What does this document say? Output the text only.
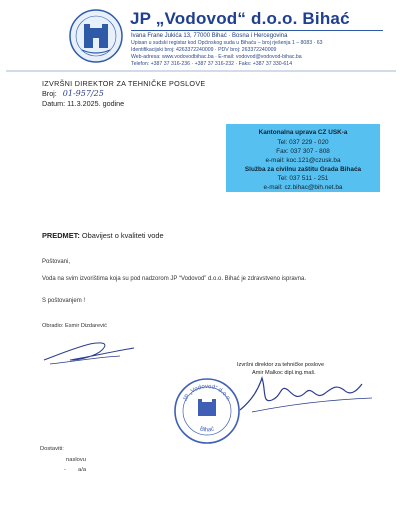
JP „Vodovod“ d.o.o. Bihać
Ivana Frane Jukića 13, 77000 Bihać · Bosna i Hercegovina
Upisan u sudski registar kod Općinskog suda u Bihaću – broj rješenja 1 – 8083 · 63
Identifikacijski broj: 4263372240009 · PDV broj: 263372240009
Web-adresa: www.vodovodbihac.ba · E-mail: vodovod@vodovod-bihac.ba
Telefon: +387 37 316-236 · +387 37 316-232 · Faks: +387 37 330-614
IZVRŠNI DIREKTOR ZA TEHNIČKE POSLOVE
Broj: 01-957/25
Datum: 11.3.2025. godine
Kantonalna uprava CZ USK-a
Tel: 037 229 - 020
Fax: 037 307 - 808
e-mail: koc.121@czusk.ba
Služba za civilnu zaštitu Grada Bihaća
Tel: 037 511 - 251
e-mail: cz.bihac@bih.net.ba
PREDMET: Obavijest o kvaliteti vode
Poštovani,
Voda na svim izvorištima koja su pod nadzorom JP “Vodovod” d.o.o. Bihać je zdravstveno ispravna.
S poštovanjem !
Obradio: Esmir Dizdarević
Izvršni direktor za tehničke poslove
Amir Malkoc dipl.ing.maš.
JP „Vodovod“ d.o.o.
Bihać
Dostaviti:
naslovu
- a/a
